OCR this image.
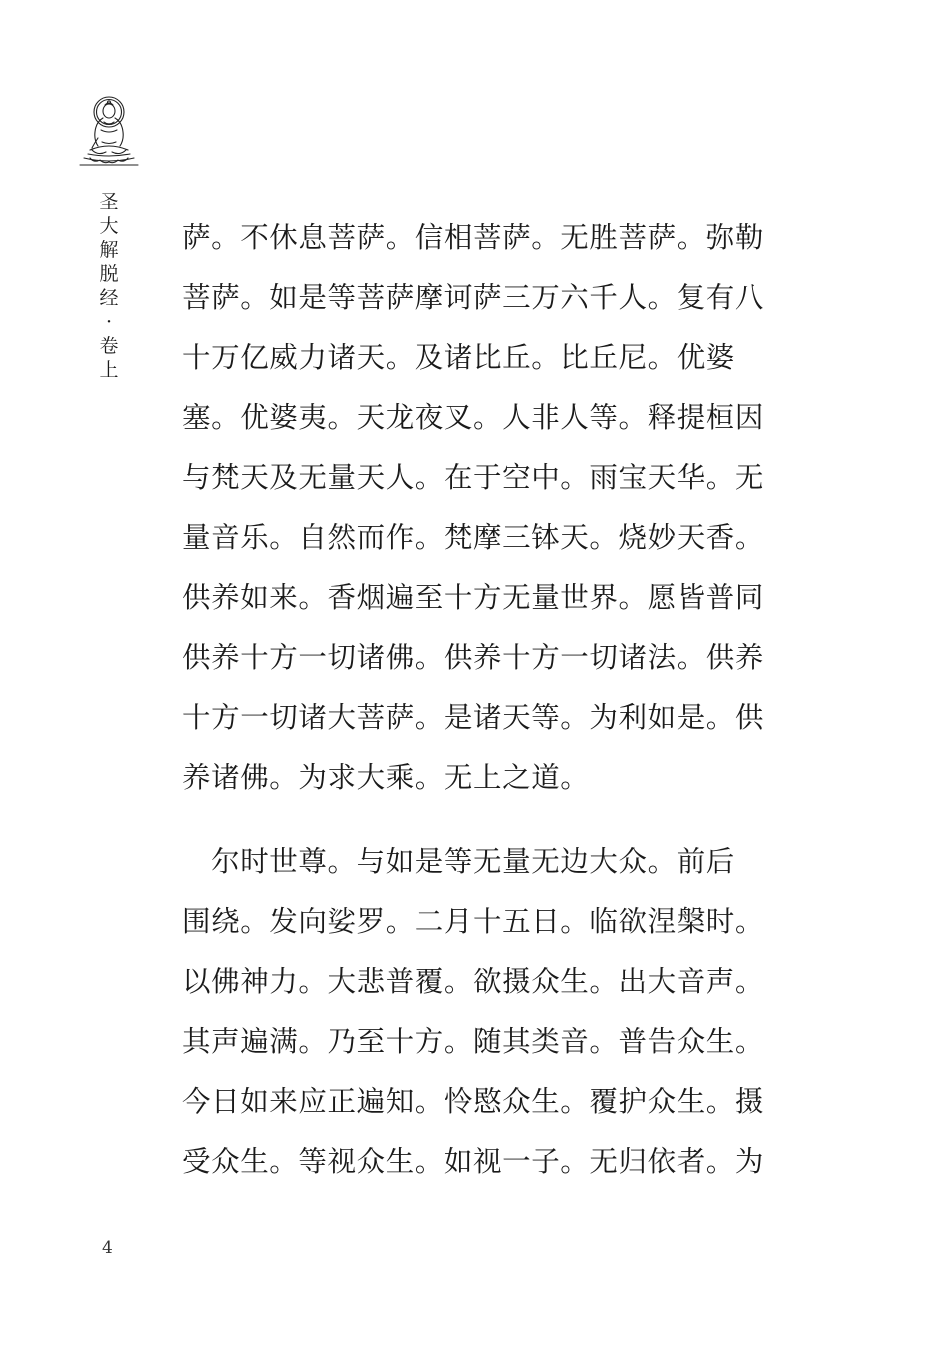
圣
大
解
脱
经
·
卷
上

萨。不休息菩萨。信相菩萨。无胜菩萨。弥勒
菩萨。如是等菩萨摩诃萨三万六千人。复有八
十万亿威力诸天。及诸比丘。比丘尼。优婆
塞。优婆夷。天龙夜叉。人非人等。释提桓因
与梵天及无量天人。在于空中。雨宝天华。无
量音乐。自然而作。梵摩三钵天。烧妙天香。
供养如来。香烟遍至十方无量世界。愿皆普同
供养十方一切诸佛。供养十方一切诸法。供养
十方一切诸大菩萨。是诸天等。为利如是。供
养诸佛。为求大乘。无上之道。

　尔时世尊。与如是等无量无边大众。前后
围绕。发向娑罗。二月十五日。临欲涅槃时。
以佛神力。大悲普覆。欲摄众生。出大音声。
其声遍满。乃至十方。随其类音。普告众生。
今日如来应正遍知。怜愍众生。覆护众生。摄
受众生。等视众生。如视一子。无归依者。为

4
